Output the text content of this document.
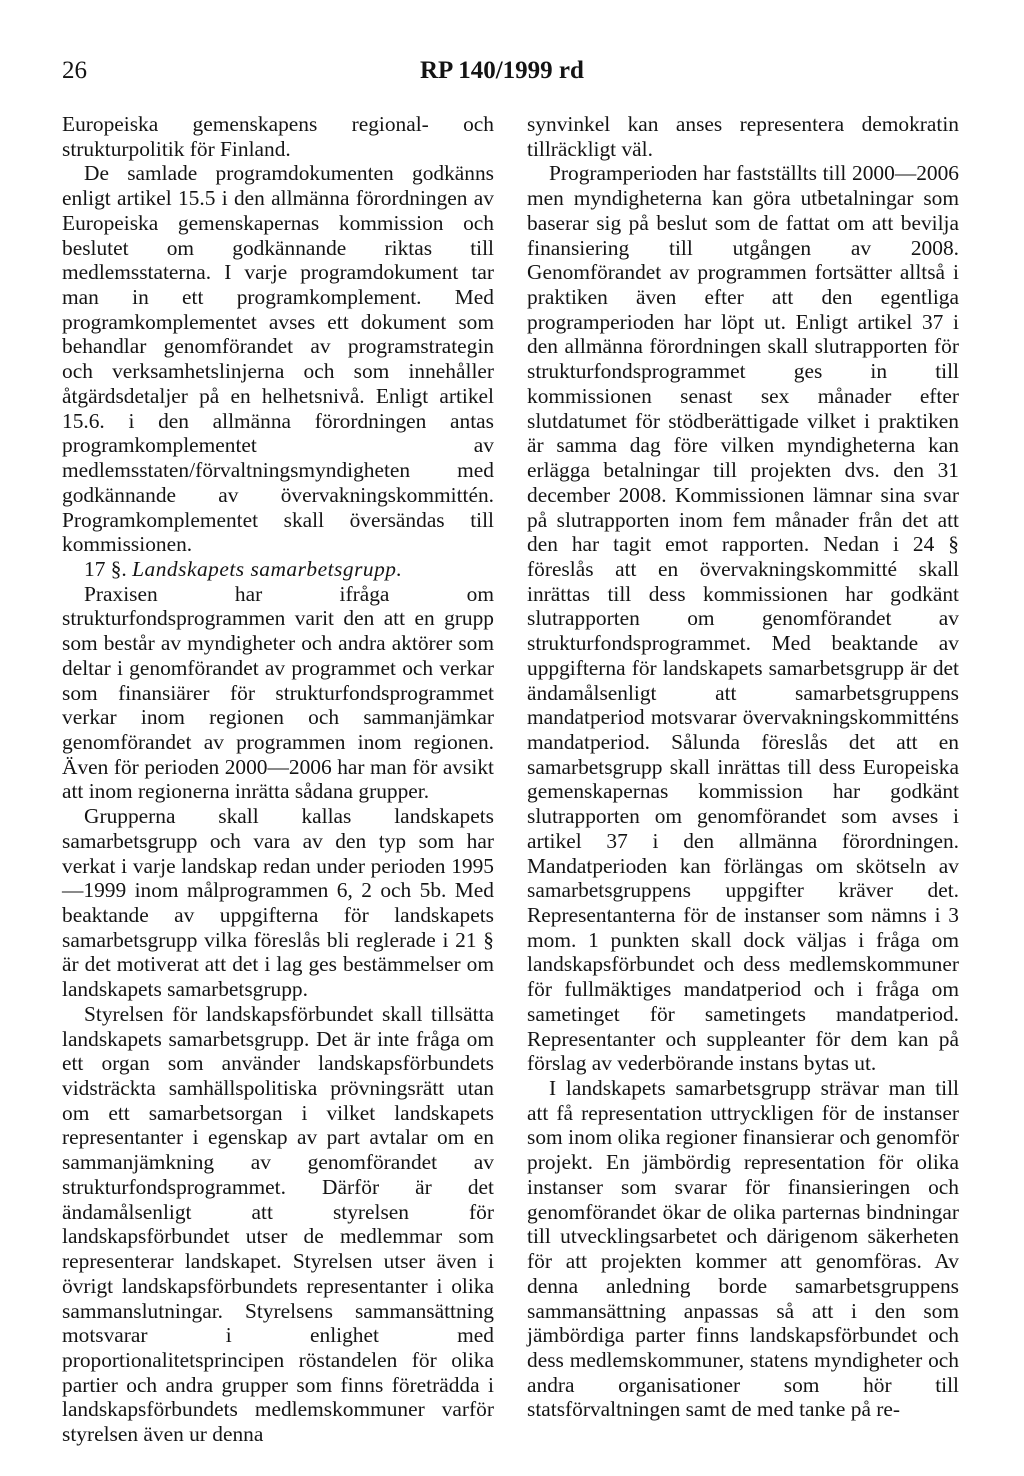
26	RP 140/1999 rd

Europeiska gemenskapens regional- och strukturpolitik för Finland.

De samlade programdokumenten godkänns enligt artikel 15.5 i den allmänna förordningen av Europeiska gemenskapernas kommission och beslutet om godkännande riktas till medlemsstaterna. I varje programdokument tar man in ett programkomplement. Med programkomplementet avses ett dokument som behandlar genomförandet av programstrategin och verksamhetslinjerna och som innehåller åtgärdsdetaljer på en helhetsnivå. Enligt artikel 15.6. i den allmänna förordningen antas programkomplementet av medlemsstaten/förvaltningsmyndigheten med godkännande av övervakningskommittén. Programkomplementet skall översändas till kommissionen.

17 §. Landskapets samarbetsgrupp.

Praxisen har ifråga om strukturfondsprogrammen varit den att en grupp som består av myndigheter och andra aktörer som deltar i genomförandet av programmet och verkar som finansiärer för strukturfondsprogrammet verkar inom regionen och sammanjämkar genomförandet av programmen inom regionen. Även för perioden 2000—2006 har man för avsikt att inom regionerna inrätta sådana grupper.

Grupperna skall kallas landskapets samarbetsgrupp och vara av den typ som har verkat i varje landskap redan under perioden 1995—1999 inom målprogrammen 6, 2 och 5b. Med beaktande av uppgifterna för landskapets samarbetsgrupp vilka föreslås bli reglerade i 21 § är det motiverat att det i lag ges bestämmelser om landskapets samarbetsgrupp.

Styrelsen för landskapsförbundet skall tillsätta landskapets samarbetsgrupp. Det är inte fråga om ett organ som använder landskapsförbundets vidsträckta samhällspolitiska prövningsrätt utan om ett samarbetsorgan i vilket landskapets representanter i egenskap av part avtalar om en sammanjämkning av genomförandet av strukturfondsprogrammet. Därför är det ändamålsenligt att styrelsen för landskapsförbundet utser de medlemmar som representerar landskapet. Styrelsen utser även i övrigt landskapsförbundets representanter i olika sammanslutningar. Styrelsens sammansättning motsvarar i enlighet med proportionalitetsprincipen röstandelen för olika partier och andra grupper som finns företrädda i landskapsförbundets medlemskommuner varför styrelsen även ur denna

synvinkel kan anses representera demokratin tillräckligt väl.

Programperioden har fastställts till 2000—2006 men myndigheterna kan göra utbetalningar som baserar sig på beslut som de fattat om att bevilja finansiering till utgången av 2008. Genomförandet av programmen fortsätter alltså i praktiken även efter att den egentliga programperioden har löpt ut. Enligt artikel 37 i den allmänna förordningen skall slutrapporten för strukturfondsprogrammet ges in till kommissionen senast sex månader efter slutdatumet för stödberättigade vilket i praktiken är samma dag före vilken myndigheterna kan erlägga betalningar till projekten dvs. den 31 december 2008. Kommissionen lämnar sina svar på slutrapporten inom fem månader från det att den har tagit emot rapporten. Nedan i 24 § föreslås att en övervakningskommitté skall inrättas till dess kommissionen har godkänt slutrapporten om genomförandet av strukturfondsprogrammet. Med beaktande av uppgifterna för landskapets samarbetsgrupp är det ändamålsenligt att samarbetsgruppens mandatperiod motsvarar övervakningskommitténs mandatperiod. Sålunda föreslås det att en samarbetsgrupp skall inrättas till dess Europeiska gemenskapernas kommission har godkänt slutrapporten om genomförandet som avses i artikel 37 i den allmänna förordningen. Mandatperioden kan förlängas om skötseln av samarbetsgruppens uppgifter kräver det. Representanterna för de instanser som nämns i 3 mom. 1 punkten skall dock väljas i fråga om landskapsförbundet och dess medlemskommuner för fullmäktiges mandatperiod och i fråga om sametinget för sametingets mandatperiod. Representanter och suppleanter för dem kan på förslag av vederbörande instans bytas ut.

I landskapets samarbetsgrupp strävar man till att få representation uttryckligen för de instanser som inom olika regioner finansierar och genomför projekt. En jämbördig representation för olika instanser som svarar för finansieringen och genomförandet ökar de olika parternas bindningar till utvecklingsarbetet och därigenom säkerheten för att projekten kommer att genomföras. Av denna anledning borde samarbetsgruppens sammansättning anpassas så att i den som jämbördiga parter finns landskapsförbundet och dess medlemskommuner, statens myndigheter och andra organisationer som hör till statsförvaltningen samt de med tanke på re-
